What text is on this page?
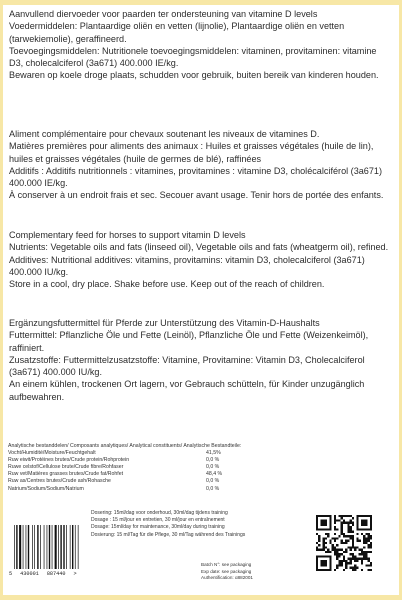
Aanvullend diervoeder voor paarden ter ondersteuning van vitamine D levels

Voedermiddelen: Plantaardige oliën en vetten (lijnolie), Plantaardige oliën en vetten (tarwekiemolie), geraffineerd.

Toevoegingsmiddelen: Nutritionele toevoegingsmiddelen: vitaminen, provitaminen: vitamine D3, cholecalciferol (3a671) 400.000 IE/kg.

Bewaren op koele droge plaats, schudden voor gebruik, buiten bereik van kinderen houden.

Aliment complémentaire pour chevaux soutenant les niveaux de vitamines D.

Matières premières pour aliments des animaux : Huiles et graisses végétales (huile de lin), huiles et graisses végétales (huile de germes de blé), raffinées

Additifs : Additifs nutritionnels : vitamines, provitamines : vitamine D3, cholécalciférol (3a671) 400.000 IE/kg.

À conserver à un endroit frais et sec. Secouer avant usage. Tenir hors de portée des enfants.

Complementary feed for horses to support vitamin D levels

Nutrients: Vegetable oils and fats (linseed oil), Vegetable oils and fats (wheatgerm oil), refined.

Additives: Nutritional additives: vitamins, provitamins: vitamin D3, cholecalciferol (3a671) 400.000 IU/kg.

Store in a cool, dry place. Shake before use. Keep out of the reach of children.

Ergänzungsfuttermittel für Pferde zur Unterstützung des Vitamin-D-Haushalts

Futtermittel: Pflanzliche Öle und Fette (Leinöl), Pflanzliche Öle und Fette (Weizenkeimöl), raffiniert.

Zusatzstoffe: Futtermittelzusatzstoffe: Vitamine, Provitamine: Vitamin D3, Cholecalciferol (3a671) 400.000 IU/kg.

An einem kühlen, trockenen Ort lagern, vor Gebrauch schütteln, für Kinder unzugänglich aufbewahren.

Analytische bestanddelen/ Composants analytiques/ Analytical constituents/ Analytische Bestandteile:
Vocht/Humidité/Moisture/Feuchtgehalt	41,5%
Ruw eiwit/Protéines brutes/Crude protein/Rohprotein	0,0 %
Ruwe celstof/Cellulose brute/Crude fibre/Rohfaser	0,0 %
Ruw vet/Matières grasses brutes/Crude fat/Rohfet	48,4 %
Ruw as/Centres brutes/Crude ash/Rohasche	0,0 %
Natrium/Sodium/Sodium/Natrium	0,0 %
Dosering: 15ml/dag voor onderhoud, 30ml/dag tijdens training
Dosage : 15 ml/jour en entretien, 30 ml/jour en entraînement
Dosage: 15ml/day for maintenance, 30ml/day during training
Dosierung: 15 ml/Tag für die Pflege, 30 ml/Tag während des Trainings
Batch N°: see packaging
Exp date: see packaging
Authentification: α882001
5 430001 887440 >
